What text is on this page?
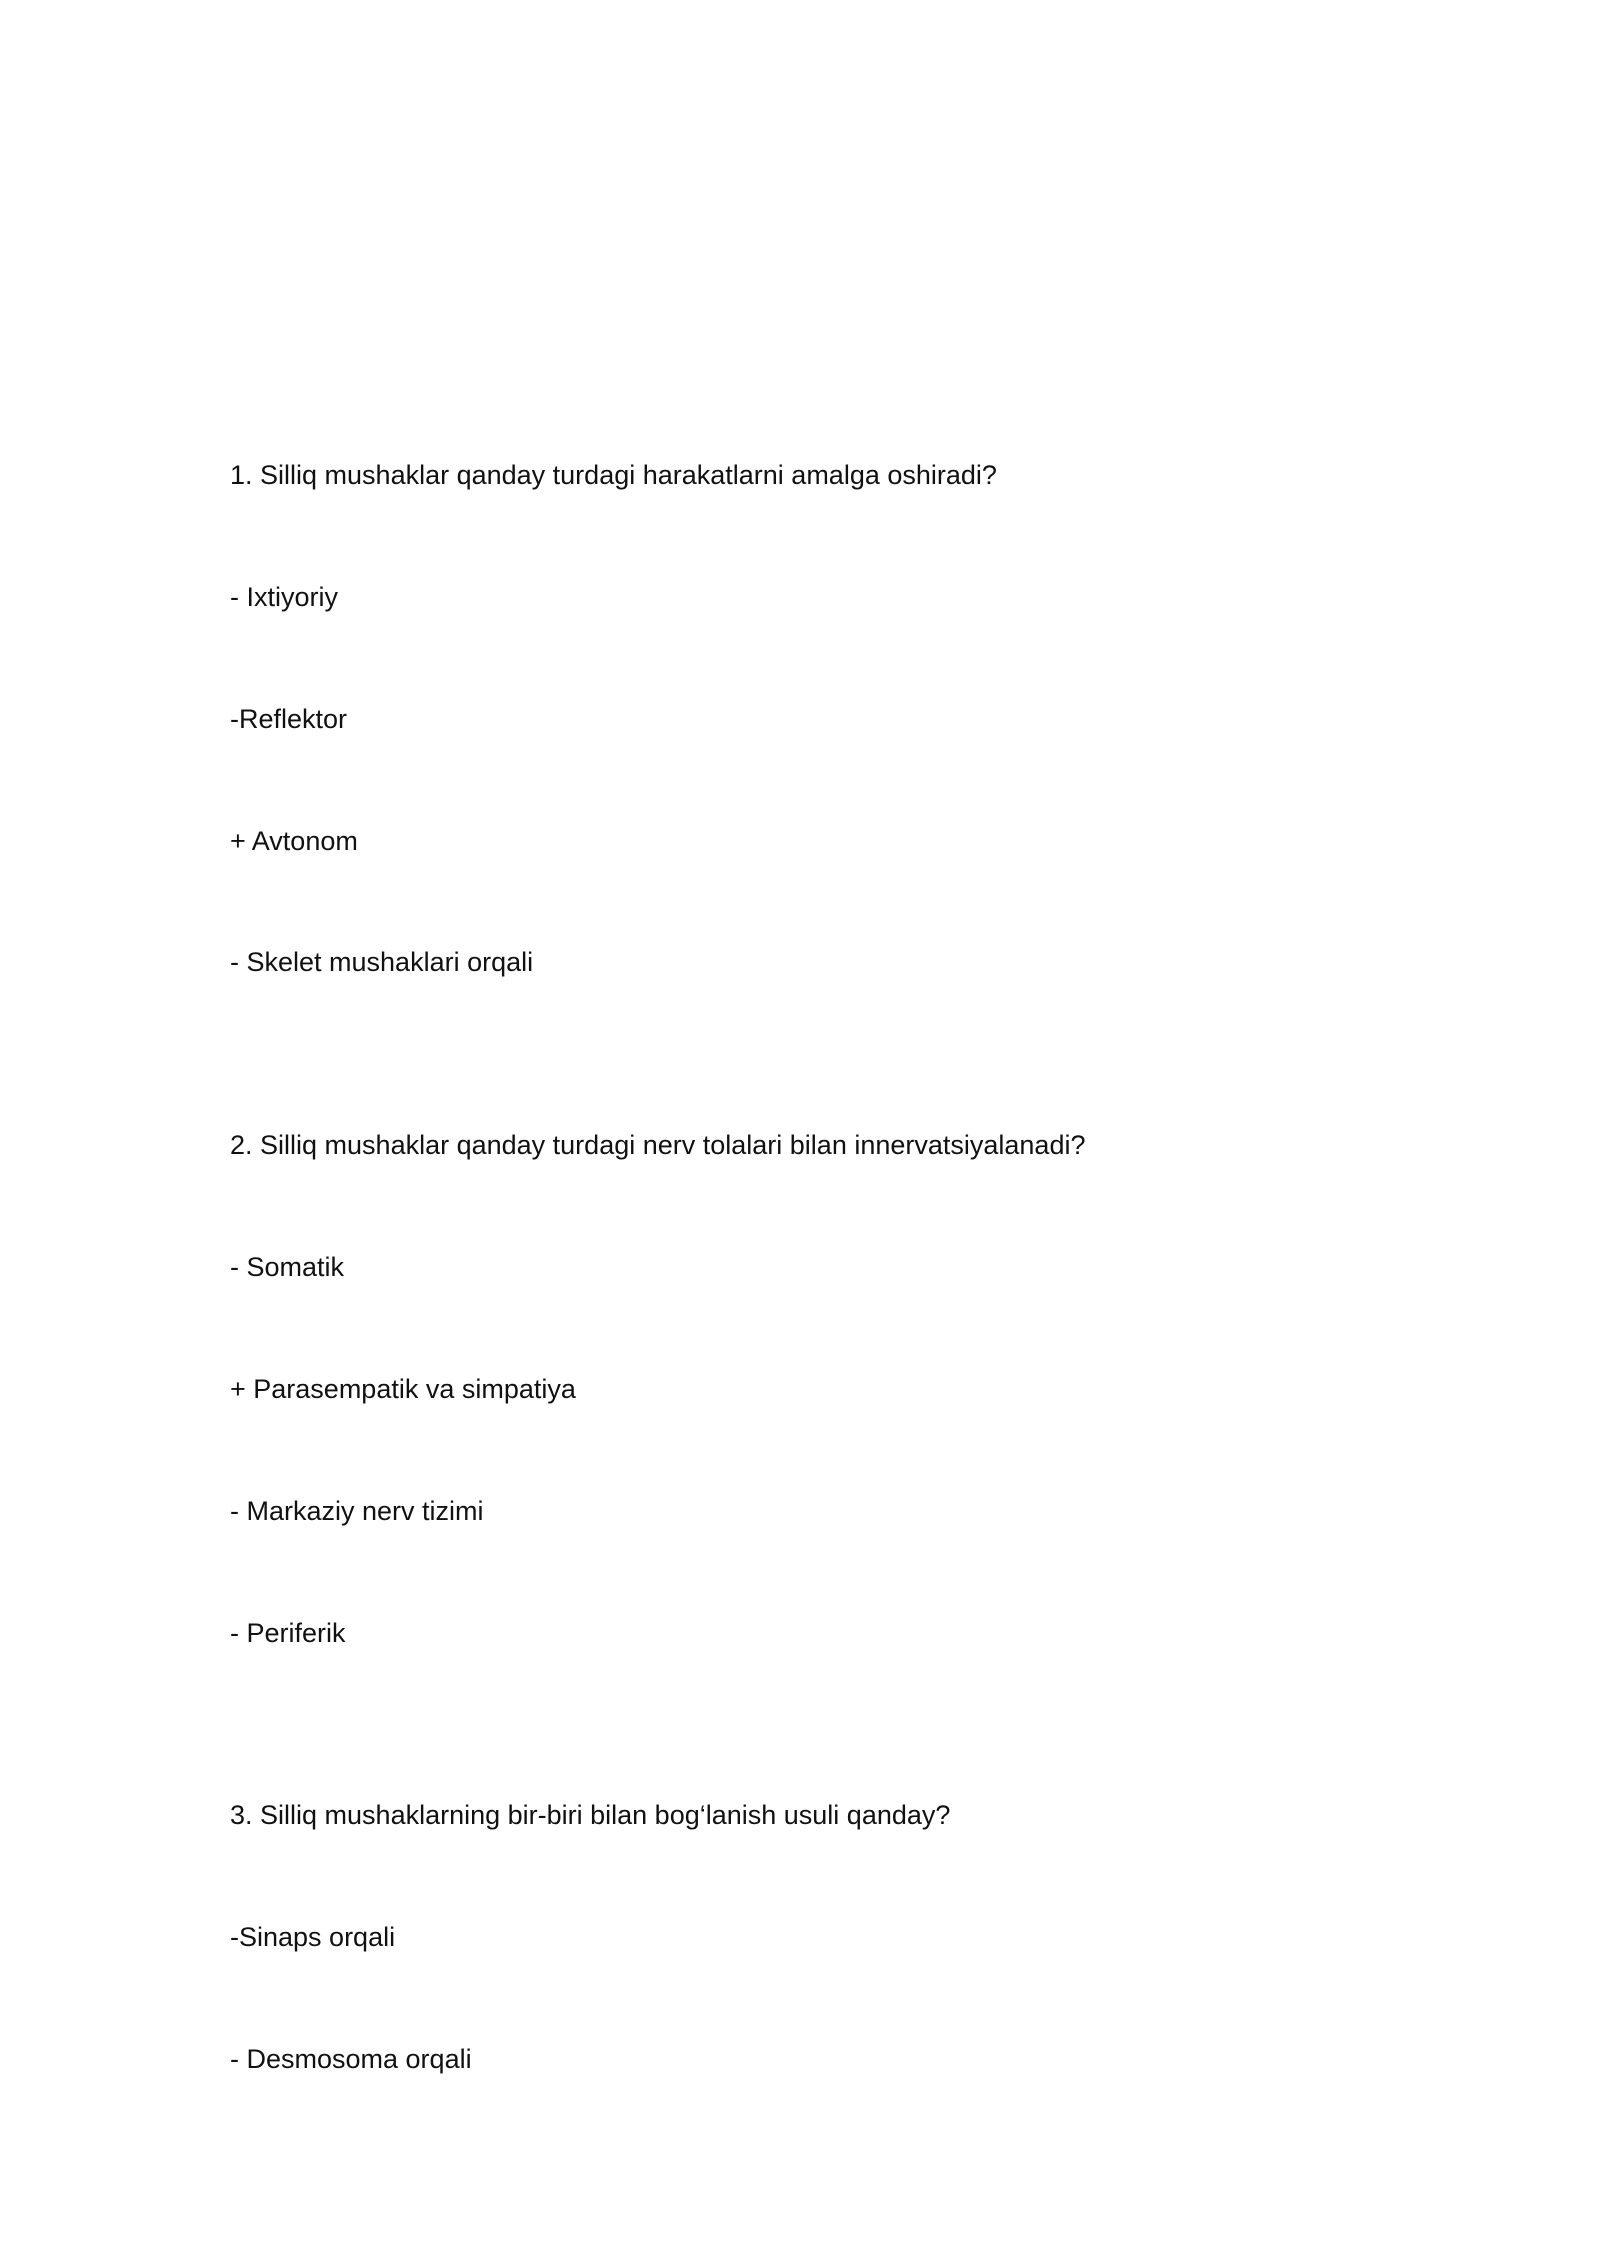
1. Silliq mushaklar qanday turdagi harakatlarni amalga oshiradi?
- Ixtiyoriy
-Reflektor
+ Avtonom
- Skelet mushaklari orqali
2. Silliq mushaklar qanday turdagi nerv tolalari bilan innervatsiyalanadi?
- Somatik
+ Parasempatik va simpatiya
- Markaziy nerv tizimi
- Periferik
3. Silliq mushaklarning bir-biri bilan bog‘lanish usuli qanday?
-Sinaps orqali
- Desmosoma orqali
